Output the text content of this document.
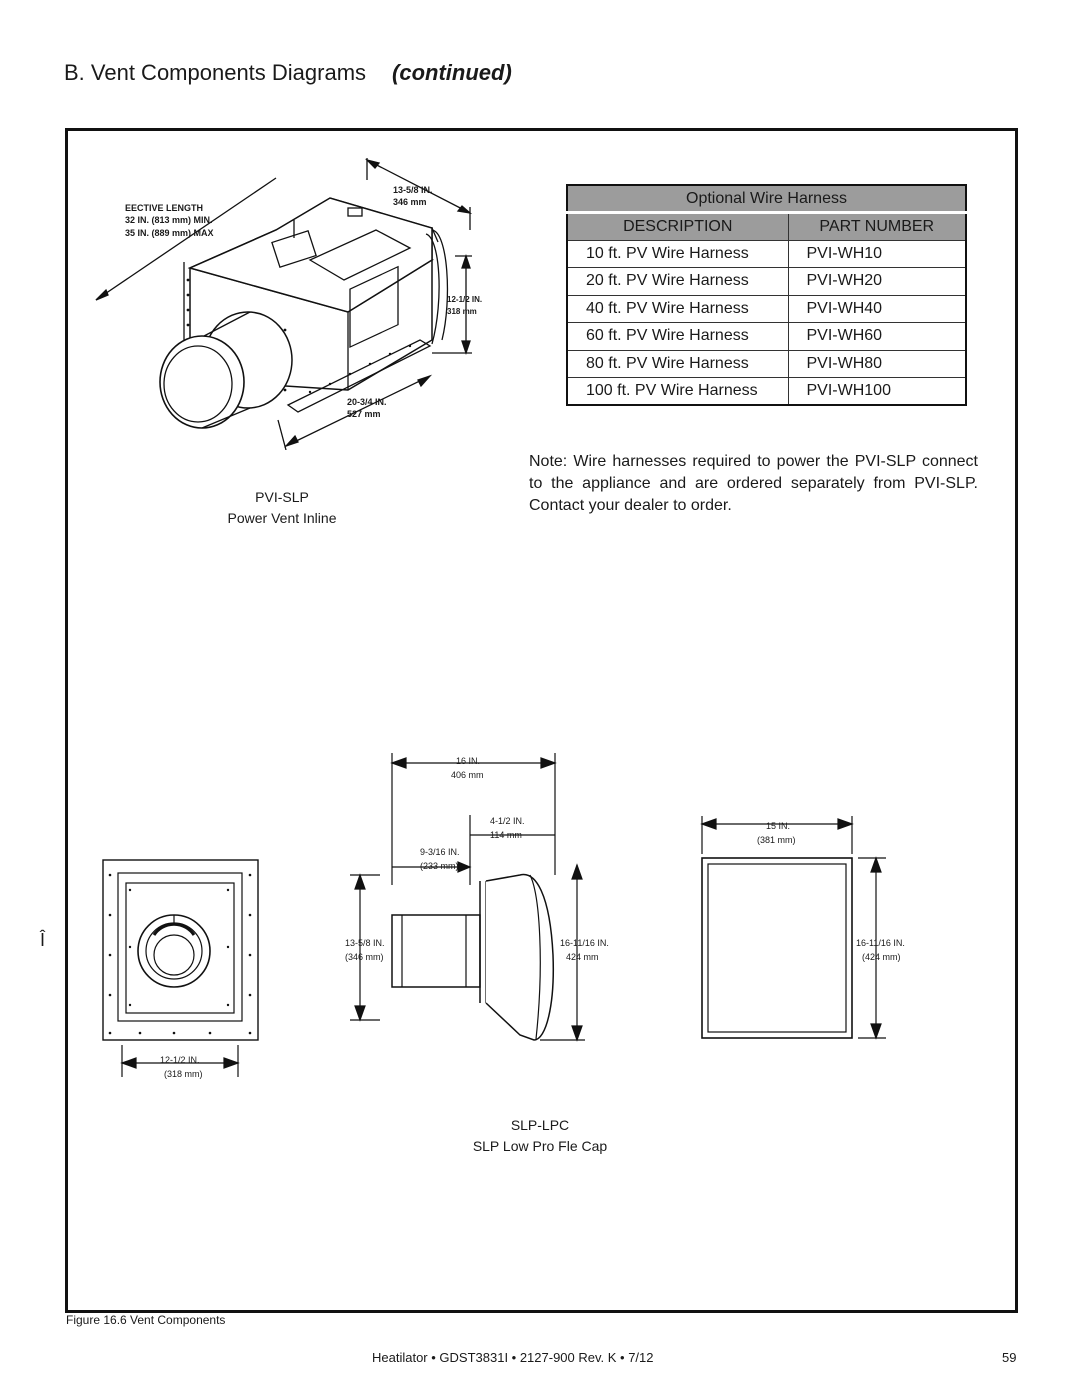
B. Vent Components Diagrams (continued)
EECTIVE LENGTH
32 IN. (813 mm) MIN.
35 IN. (889 mm) MAX
13-5/8 IN.
346 mm
12-1/2 IN.
318 mm
20-3/4 IN.
527 mm
PVI-SLP
Power Vent Inline
Optional Wire Harness	
DESCRIPTION	PART NUMBER
10 ft. PV Wire Harness	PVI-WH10
20 ft. PV Wire Harness	PVI-WH20
40 ft. PV Wire Harness	PVI-WH40
60 ft. PV Wire Harness	PVI-WH60
80 ft. PV Wire Harness	PVI-WH80
100 ft. PV Wire Harness	PVI-WH100
Note: Wire harnesses required to power the PVI-SLP connect to the appliance and are ordered separately from PVI-SLP. Contact your dealer to order.
12-1/2 IN.
(318 mm)
16 IN.
406 mm
4-1/2 IN.
114 mm
9-3/16 IN.
(233 mm)
13-5/8 IN.
(346 mm)
16-11/16 IN.
424 mm
15 IN.
(381 mm)
16-11/16 IN.
(424 mm)
SLP-LPC
SLP Low Pro Fle Cap
Î
Figure 16.6 Vent Components
Heatilator • GDST3831I • 2127-900 Rev. K • 7/12	59
